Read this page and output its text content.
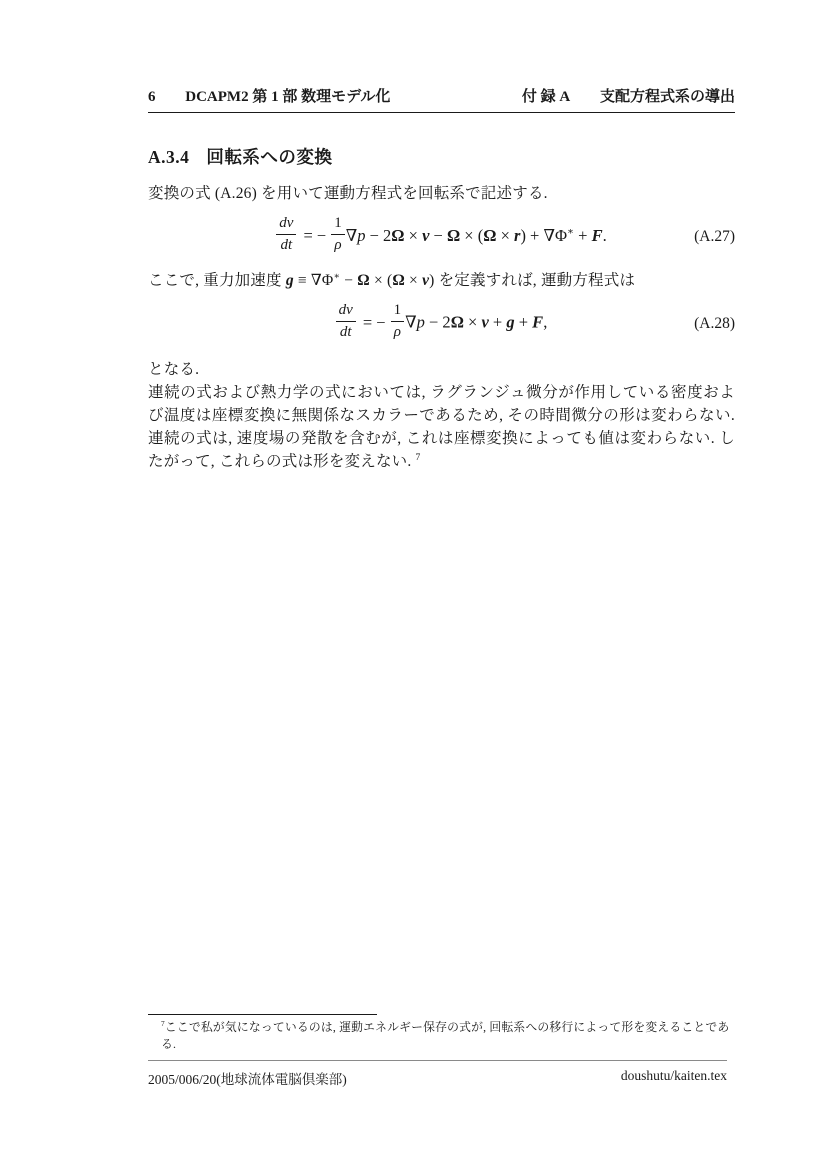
6 DCAPM2 第 1 部 数理モデル化	付 録 A 支配方程式系の導出
A.3.4 回転系への変換

変換の式 (A.26) を用いて運動方程式を回転系で記述する.

$\frac{dv}{dt}$ = − $\frac{1}{\rho} \nabla p - 2\Omega \times v - \Omega \times (\Omega \times r) + \nabla\Phi^∗ + F$.	(A.27)

ここで, 重力加速度 g ≡ ∇Φ∗ − Ω × (Ω × v) を定義すれば, 運動方程式は

$\frac{dv}{dt}$ = − $\frac{1}{\rho} \nabla p - 2\Omega \times v + g + F$,	(A.28)

となる.

連続の式および熱力学の式においては, ラグランジュ微分が作用している密度および温度は座標変換に無関係なスカラーであるため, その時間微分の形は変わらない. 連続の式は, 速度場の発散を含むが, これは座標変換によっても値は変わらない. したがって, これらの式は形を変えない. $^7$

$^7$ここで私が気になっているのは, 運動エネルギー保存の式が, 回転系への移行によって形を変えることである.

2005/006/20(地球流体電脳倶楽部)	doushutu/kaiten.tex
